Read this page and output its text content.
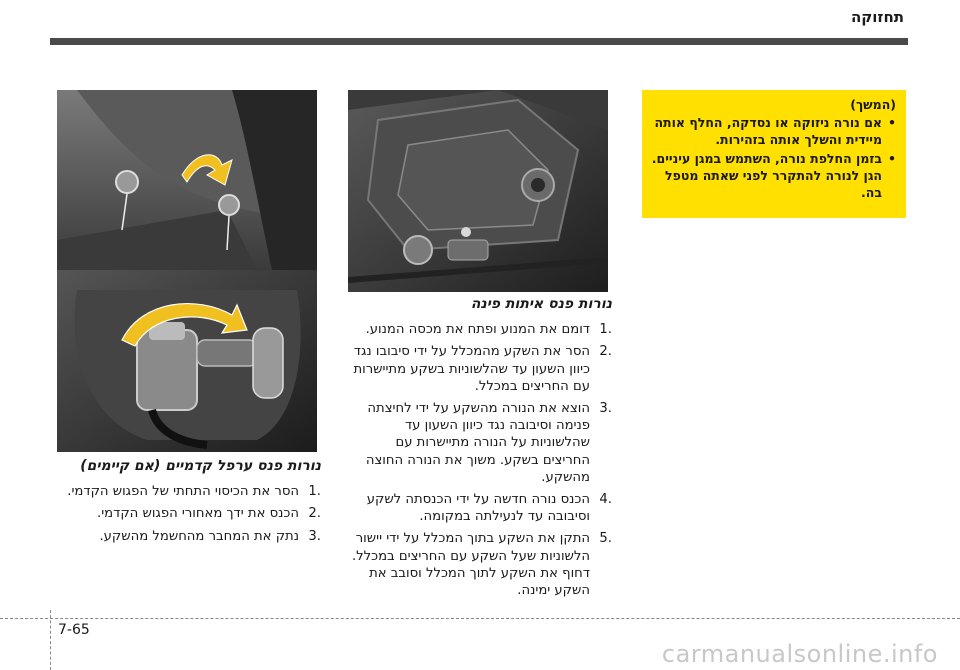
תחזוקה
(המשך)
• אם נורה ניזוקה או נסדקה, החלף אותה מיידית והשלך אותה בזהירות.
• בזמן החלפת נורה, השתמש במגן עיניים. הגן לנורה להתקרר לפני שאתה מטפל בה.
נורות פנס איתות פינה
1.
דומם את המנוע ופתח את מכסה המנוע.
2.
הסר את השקע מהמכלל על ידי סיבובו נגד כיוון השעון עד שהלשוניות בשקע מתיישרות עם החריצים במכלל.
3.
הוצא את הנורה מהשקע על ידי לחיצתה פנימה וסיבובה נגד כיוון השעון עד שהלשוניות על הנורה מתיישרות עם החריצים בשקע. משוך את הנורה החוצה מהשקע.
4.
הכנס נורה חדשה על ידי הכנסתה לשקע וסיבובה עד לנעילתה במקומה.
5.
התקן את השקע בתוך המכלל על ידי יישור הלשוניות שעל השקע עם החריצים במכלל. דחוף את השקע לתוך המכלל וסובב את השקע ימינה.
נורות פנס ערפל קדמיים (אם קיימים)
1.
הסר את הכיסוי התחתי של הפגוש הקדמי.
2.
הכנס את ידך מאחורי הפגוש הקדמי.
3.
נתק את המחבר מהחשמל מהשקע.
7-65
carmanualsonline.info
